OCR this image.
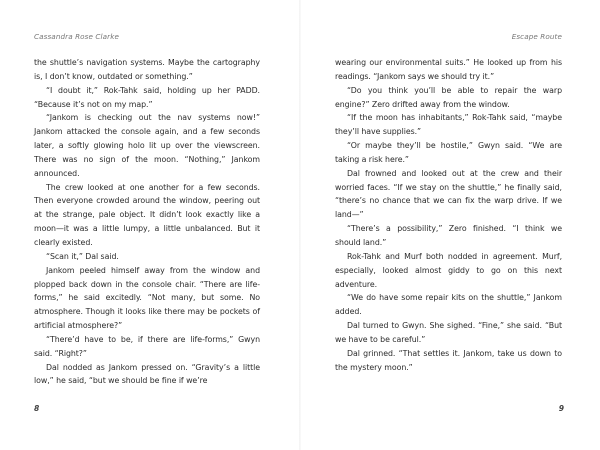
Cassandra Rose Clarke

the shuttle’s navigation systems. Maybe the cartography is, I don’t know, outdated or something.”

“I doubt it,” Rok-Tahk said, holding up her PADD. “Because it’s not on my map.”

“Jankom is checking out the nav systems now!” Jankom attacked the console again, and a few seconds later, a softly glowing holo lit up over the viewscreen. There was no sign of the moon. “Nothing,” Jankom announced.

The crew looked at one another for a few seconds. Then everyone crowded around the window, peering out at the strange, pale object. It didn’t look exactly like a moon—it was a little lumpy, a little unbalanced. But it clearly existed.

“Scan it,” Dal said.

Jankom peeled himself away from the window and plopped back down in the console chair. “There are life-forms,” he said excitedly. “Not many, but some. No atmosphere. Though it looks like there may be pockets of artificial atmosphere?”

“There’d have to be, if there are life-forms,” Gwyn said. “Right?”

Dal nodded as Jankom pressed on. “Gravity’s a little low,” he said, “but we should be fine if we’re

8
Escape Route

wearing our environmental suits.” He looked up from his readings. “Jankom says we should try it.”

“Do you think you’ll be able to repair the warp engine?” Zero drifted away from the window.

“If the moon has inhabitants,” Rok-Tahk said, “maybe they’ll have supplies.”

“Or maybe they’ll be hostile,” Gwyn said. “We are taking a risk here.”

Dal frowned and looked out at the crew and their worried faces. “If we stay on the shuttle,” he finally said, “there’s no chance that we can fix the warp drive. If we land—”

“There’s a possibility,” Zero finished. “I think we should land.”

Rok-Tahk and Murf both nodded in agreement. Murf, especially, looked almost giddy to go on this next adventure.

“We do have some repair kits on the shuttle,” Jankom added.

Dal turned to Gwyn. She sighed. “Fine,” she said. “But we have to be careful.”

Dal grinned. “That settles it. Jankom, take us down to the mystery moon.”

9
